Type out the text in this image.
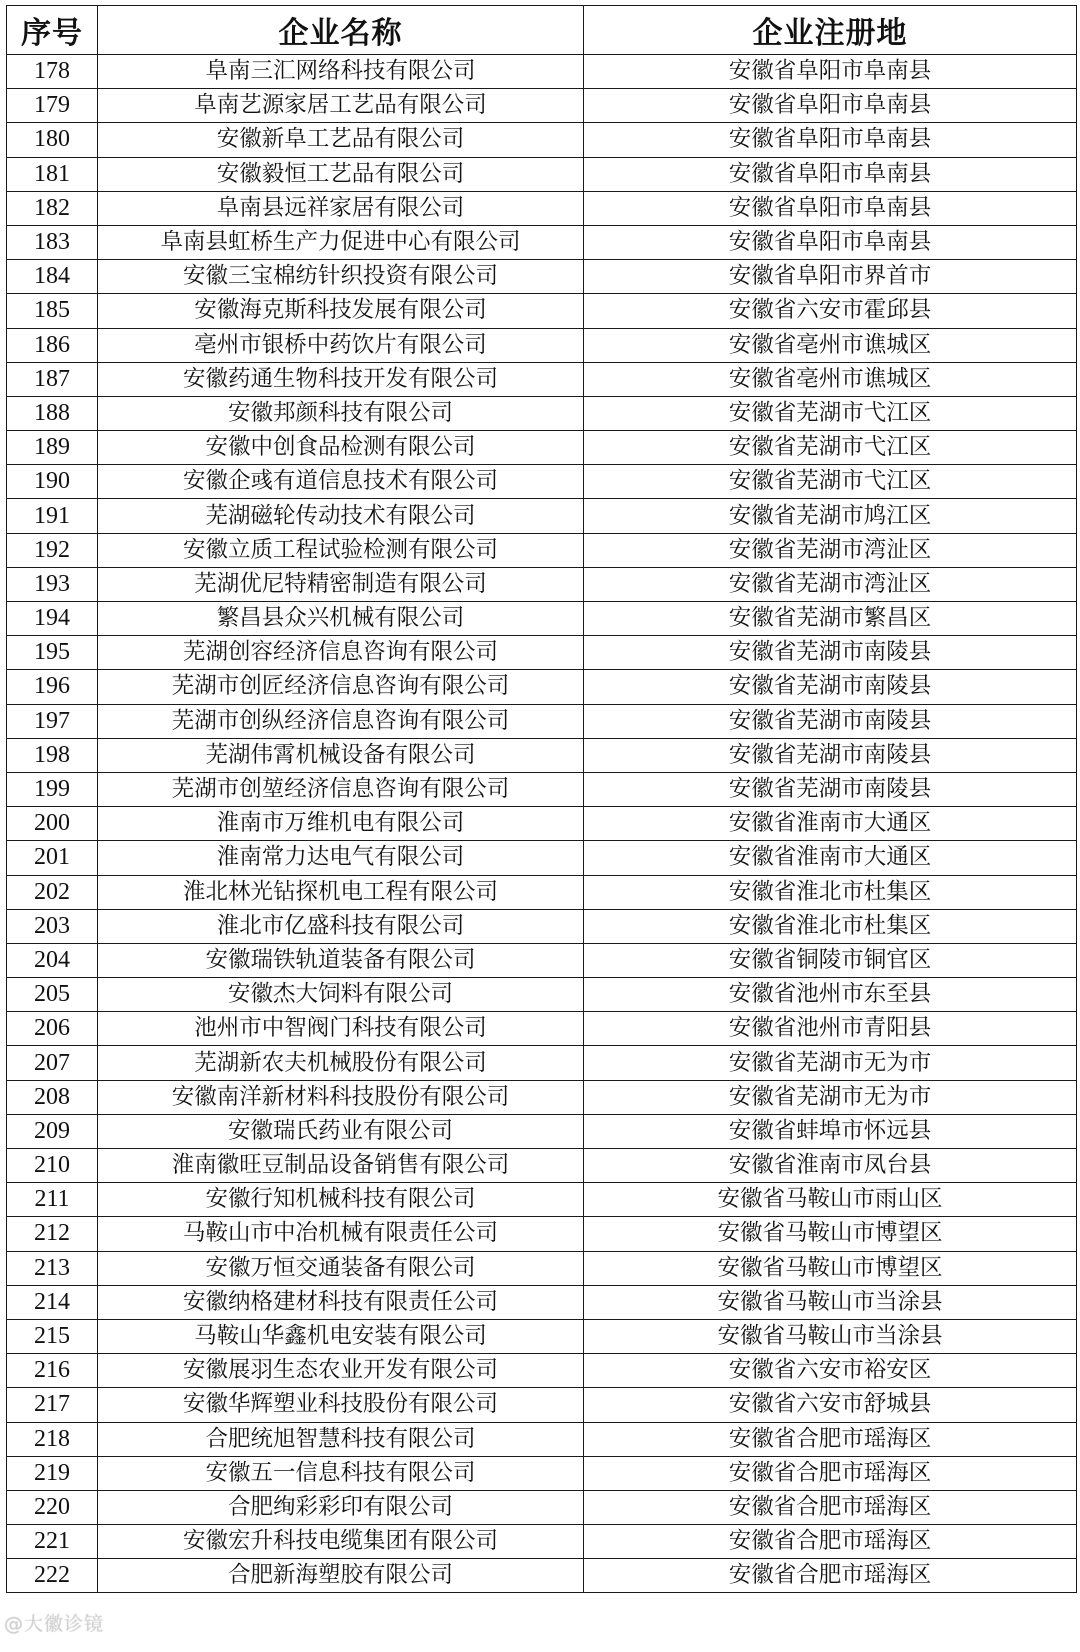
序号	企业名称	企业注册地
178	阜南三汇网络科技有限公司	安徽省阜阳市阜南县
179	阜南艺源家居工艺品有限公司	安徽省阜阳市阜南县
180	安徽新阜工艺品有限公司	安徽省阜阳市阜南县
181	安徽毅恒工艺品有限公司	安徽省阜阳市阜南县
182	阜南县远祥家居有限公司	安徽省阜阳市阜南县
183	阜南县虹桥生产力促进中心有限公司	安徽省阜阳市阜南县
184	安徽三宝棉纺针织投资有限公司	安徽省阜阳市界首市
185	安徽海克斯科技发展有限公司	安徽省六安市霍邱县
186	亳州市银桥中药饮片有限公司	安徽省亳州市谯城区
187	安徽药通生物科技开发有限公司	安徽省亳州市谯城区
188	安徽邦颜科技有限公司	安徽省芜湖市弋江区
189	安徽中创食品检测有限公司	安徽省芜湖市弋江区
190	安徽企彧有道信息技术有限公司	安徽省芜湖市弋江区
191	芜湖磁轮传动技术有限公司	安徽省芜湖市鸠江区
192	安徽立质工程试验检测有限公司	安徽省芜湖市湾沚区
193	芜湖优尼特精密制造有限公司	安徽省芜湖市湾沚区
194	繁昌县众兴机械有限公司	安徽省芜湖市繁昌区
195	芜湖创容经济信息咨询有限公司	安徽省芜湖市南陵县
196	芜湖市创匠经济信息咨询有限公司	安徽省芜湖市南陵县
197	芜湖市创纵经济信息咨询有限公司	安徽省芜湖市南陵县
198	芜湖伟霄机械设备有限公司	安徽省芜湖市南陵县
199	芜湖市创堃经济信息咨询有限公司	安徽省芜湖市南陵县
200	淮南市万维机电有限公司	安徽省淮南市大通区
201	淮南常力达电气有限公司	安徽省淮南市大通区
202	淮北林光钻探机电工程有限公司	安徽省淮北市杜集区
203	淮北市亿盛科技有限公司	安徽省淮北市杜集区
204	安徽瑞铁轨道装备有限公司	安徽省铜陵市铜官区
205	安徽杰大饲料有限公司	安徽省池州市东至县
206	池州市中智阀门科技有限公司	安徽省池州市青阳县
207	芜湖新农夫机械股份有限公司	安徽省芜湖市无为市
208	安徽南洋新材料科技股份有限公司	安徽省芜湖市无为市
209	安徽瑞氏药业有限公司	安徽省蚌埠市怀远县
210	淮南徽旺豆制品设备销售有限公司	安徽省淮南市凤台县
211	安徽行知机械科技有限公司	安徽省马鞍山市雨山区
212	马鞍山市中冶机械有限责任公司	安徽省马鞍山市博望区
213	安徽万恒交通装备有限公司	安徽省马鞍山市博望区
214	安徽纳格建材科技有限责任公司	安徽省马鞍山市当涂县
215	马鞍山华鑫机电安装有限公司	安徽省马鞍山市当涂县
216	安徽展羽生态农业开发有限公司	安徽省六安市裕安区
217	安徽华辉塑业科技股份有限公司	安徽省六安市舒城县
218	合肥统旭智慧科技有限公司	安徽省合肥市瑶海区
219	安徽五一信息科技有限公司	安徽省合肥市瑶海区
220	合肥绚彩彩印有限公司	安徽省合肥市瑶海区
221	安徽宏升科技电缆集团有限公司	安徽省合肥市瑶海区
222	合肥新海塑胶有限公司	安徽省合肥市瑶海区
@大徽诊镜
